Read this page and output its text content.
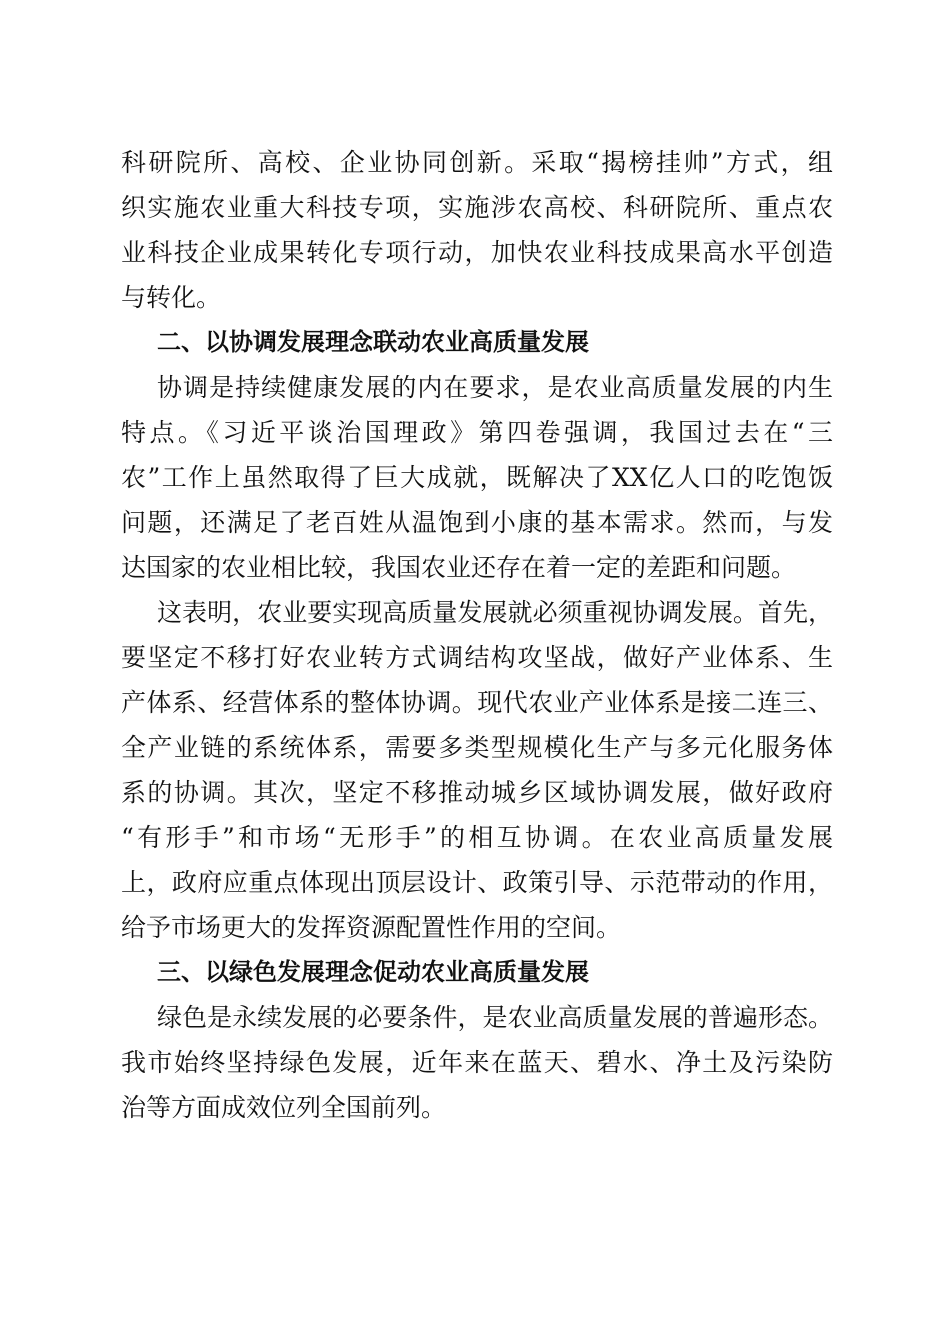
科研院所、高校、企业协同创新。采取“揭榜挂帅”方式，组
织实施农业重大科技专项，实施涉农高校、科研院所、重点农
业科技企业成果转化专项行动，加快农业科技成果高水平创造
与转化。
二、以协调发展理念联动农业高质量发展
协调是持续健康发展的内在要求，是农业高质量发展的内生
特点。《习近平谈治国理政》第四卷强调，我国过去在“三
农”工作上虽然取得了巨大成就，既解决了XX亿人口的吃饱饭
问题，还满足了老百姓从温饱到小康的基本需求。然而，与发
达国家的农业相比较，我国农业还存在着一定的差距和问题。
这表明，农业要实现高质量发展就必须重视协调发展。首先，
要坚定不移打好农业转方式调结构攻坚战，做好产业体系、生
产体系、经营体系的整体协调。现代农业产业体系是接二连三、
全产业链的系统体系，需要多类型规模化生产与多元化服务体
系的协调。其次，坚定不移推动城乡区域协调发展，做好政府
“有形手”和市场“无形手”的相互协调。在农业高质量发展
上，政府应重点体现出顶层设计、政策引导、示范带动的作用，
给予市场更大的发挥资源配置性作用的空间。
三、以绿色发展理念促动农业高质量发展
绿色是永续发展的必要条件，是农业高质量发展的普遍形态。
我市始终坚持绿色发展，近年来在蓝天、碧水、净土及污染防
治等方面成效位列全国前列。
